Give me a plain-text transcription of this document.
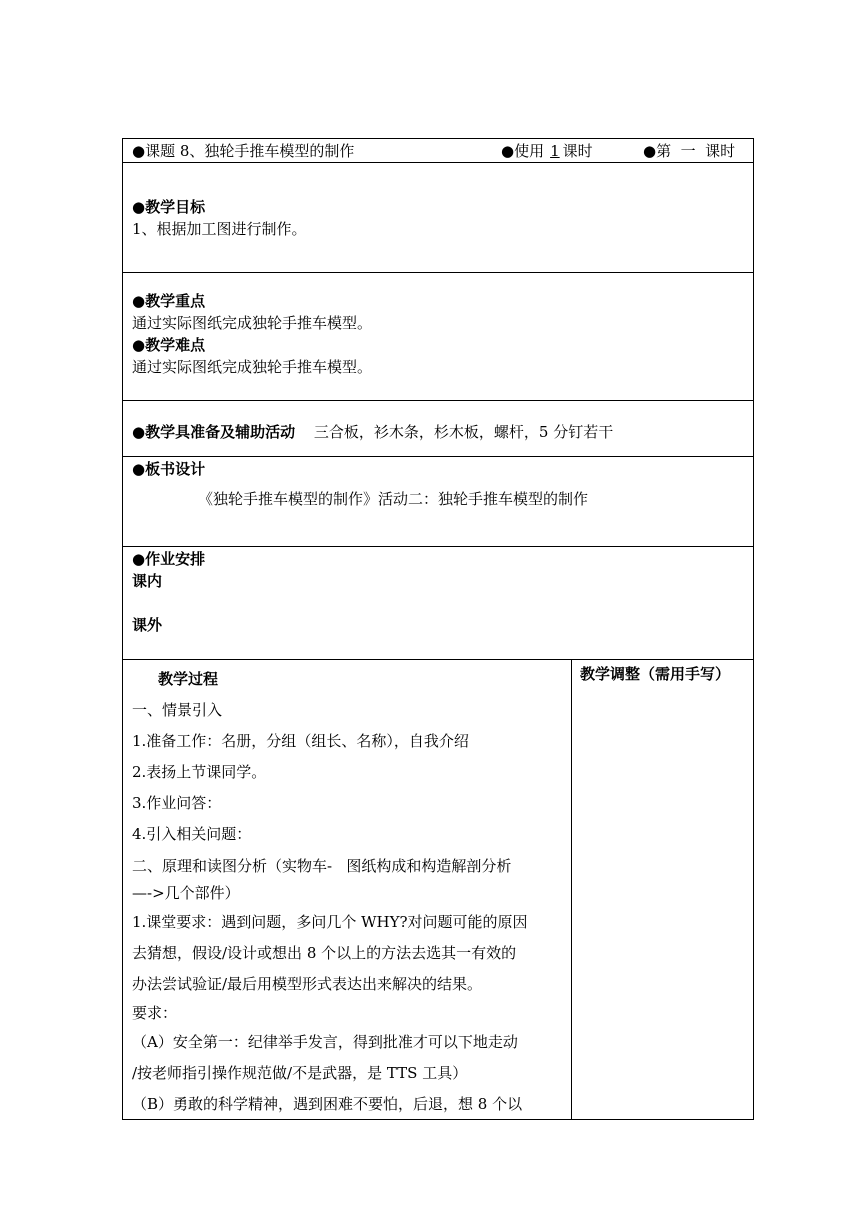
●课题 8、独轮手推车模型的制作	●使用 1 课时	●第  一  课时
●教学目标
1、根据加工图进行制作。
●教学重点
通过实际图纸完成独轮手推车模型。
●教学难点
通过实际图纸完成独轮手推车模型。
●教学具准备及辅助活动 三合板，衫木条，杉木板，螺杆，5 分钉若干
●板书设计
《独轮手推车模型的制作》活动二：独轮手推车模型的制作
●作业安排
课内
课外
教学过程
一、情景引入
1.准备工作：名册，分组（组长、名称），自我介绍
2.表扬上节课同学。
3.作业问答：
4.引入相关问题：
二、原理和读图分析（实物车-   图纸构成和构造解剖分析
—->几个部件）
1.课堂要求：遇到问题，多问几个 WHY?对问题可能的原因
去猜想，假设/设计或想出 8 个以上的方法去选其一有效的
办法尝试验证/最后用模型形式表达出来解决的结果。
要求：
（A）安全第一：纪律举手发言，得到批准才可以下地走动
/按老师指引操作规范做/不是武器，是 TTS 工具）
（B）勇敢的科学精神，遇到困难不要怕，后退，想 8 个以
教学调整（需用手写）
